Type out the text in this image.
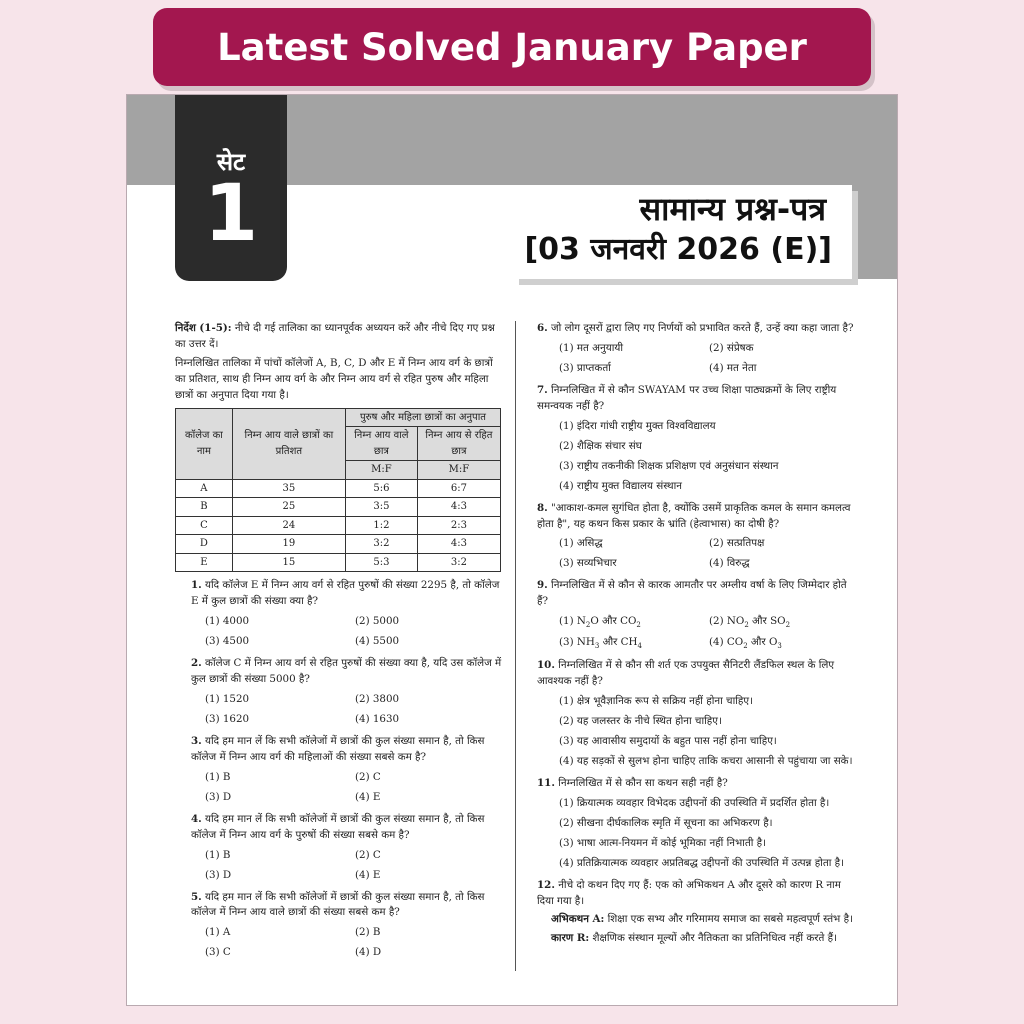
Latest Solved January Paper
सामान्य प्रश्न-पत्र
[03 जनवरी 2026 (E)]
सेट
1

निर्देश (1-5): नीचे दी गई तालिका का ध्यानपूर्वक अध्ययन करें और नीचे दिए गए प्रश्न का उत्तर दें।

निम्नलिखित तालिका में पांचों कॉलेजों A, B, C, D और E में निम्न आय वर्ग के छात्रों का प्रतिशत, साथ ही निम्न आय वर्ग के और निम्न आय वर्ग से रहित पुरुष और महिला छात्रों का अनुपात दिया गया है।

कॉलेज का नाम	निम्न आय वाले छात्रों का प्रतिशत	पुरुष और महिला छात्रों का अनुपात	
		निम्न आय वाले छात्र	निम्न आय से रहित छात्र
		M:F	M:F
A	35	5:6	6:7
B	25	3:5	4:3
C	24	1:2	2:3
D	19	3:2	4:3
E	15	5:3	3:2

1. यदि कॉलेज E में निम्न आय वर्ग से रहित पुरुषों की संख्या 2295 है, तो कॉलेज E में कुल छात्रों की संख्या क्या है?

(1) 4000	(2) 5000
(3) 4500	(4) 5500

2. कॉलेज C में निम्न आय वर्ग से रहित पुरुषों की संख्या क्या है, यदि उस कॉलेज में कुल छात्रों की संख्या 5000 है?

(1) 1520	(2) 3800
(3) 1620	(4) 1630

3. यदि हम मान लें कि सभी कॉलेजों में छात्रों की कुल संख्या समान है, तो किस कॉलेज में निम्न आय वर्ग की महिलाओं की संख्या सबसे कम है?

(1) B	(2) C
(3) D	(4) E

4. यदि हम मान लें कि सभी कॉलेजों में छात्रों की कुल संख्या समान है, तो किस कॉलेज में निम्न आय वर्ग के पुरुषों की संख्या सबसे कम है?

(1) B	(2) C
(3) D	(4) E

5. यदि हम मान लें कि सभी कॉलेजों में छात्रों की कुल संख्या समान है, तो किस कॉलेज में निम्न आय वाले छात्रों की संख्या सबसे कम है?

(1) A	(2) B
(3) C	(4) D

6. जो लोग दूसरों द्वारा लिए गए निर्णयों को प्रभावित करते हैं, उन्हें क्या कहा जाता है?

(1) मत अनुयायी	(2) संप्रेषक
(3) प्राप्तकर्ता	(4) मत नेता

7. निम्नलिखित में से कौन SWAYAM पर उच्च शिक्षा पाठ्यक्रमों के लिए राष्ट्रीय समन्वयक नहीं है?

(1) इंदिरा गांधी राष्ट्रीय मुक्त विश्वविद्यालय
(2) शैक्षिक संचार संघ
(3) राष्ट्रीय तकनीकी शिक्षक प्रशिक्षण एवं अनुसंधान संस्थान
(4) राष्ट्रीय मुक्त विद्यालय संस्थान

8. "आकाश-कमल सुगंधित होता है, क्योंकि उसमें प्राकृतिक कमल के समान कमलत्व होता है", यह कथन किस प्रकार के भ्रांति (हेत्वाभास) का दोषी है?

(1) असिद्ध	(2) सत्प्रतिपक्ष
(3) सव्यभिचार	(4) विरुद्ध

9. निम्नलिखित में से कौन से कारक आमतौर पर अम्लीय वर्षा के लिए जिम्मेदार होते हैं?

(1) $N_2O$ और $CO_2$	(2) $NO_2$ और $SO_2$
(3) $NH_3$ और $CH_4$	(4) $CO_2$ और $O_3$

10. निम्नलिखित में से कौन सी शर्त एक उपयुक्त सैनिटरी लैंडफिल स्थल के लिए आवश्यक नहीं है?

(1) क्षेत्र भूवैज्ञानिक रूप से सक्रिय नहीं होना चाहिए।
(2) यह जलस्तर के नीचे स्थित होना चाहिए।
(3) यह आवासीय समुदायों के बहुत पास नहीं होना चाहिए।
(4) यह सड़कों से सुलभ होना चाहिए ताकि कचरा आसानी से पहुंचाया जा सके।

11. निम्नलिखित में से कौन सा कथन सही नहीं है?

(1) क्रियात्मक व्यवहार विभेदक उद्दीपनों की उपस्थिति में प्रदर्शित होता है।
(2) सीखना दीर्घकालिक स्मृति में सूचना का अभिकरण है।
(3) भाषा आत्म-नियमन में कोई भूमिका नहीं निभाती है।
(4) प्रतिक्रियात्मक व्यवहार अप्रतिबद्ध उद्दीपनों की उपस्थिति में उत्पन्न होता है।

12. नीचे दो कथन दिए गए हैं: एक को अभिकथन A और दूसरे को कारण R नाम दिया गया है।

अभिकथन A: शिक्षा एक सभ्य और गरिमामय समाज का सबसे महत्वपूर्ण स्तंभ है।

कारण R: शैक्षणिक संस्थान मूल्यों और नैतिकता का प्रतिनिधित्व नहीं करते हैं।
